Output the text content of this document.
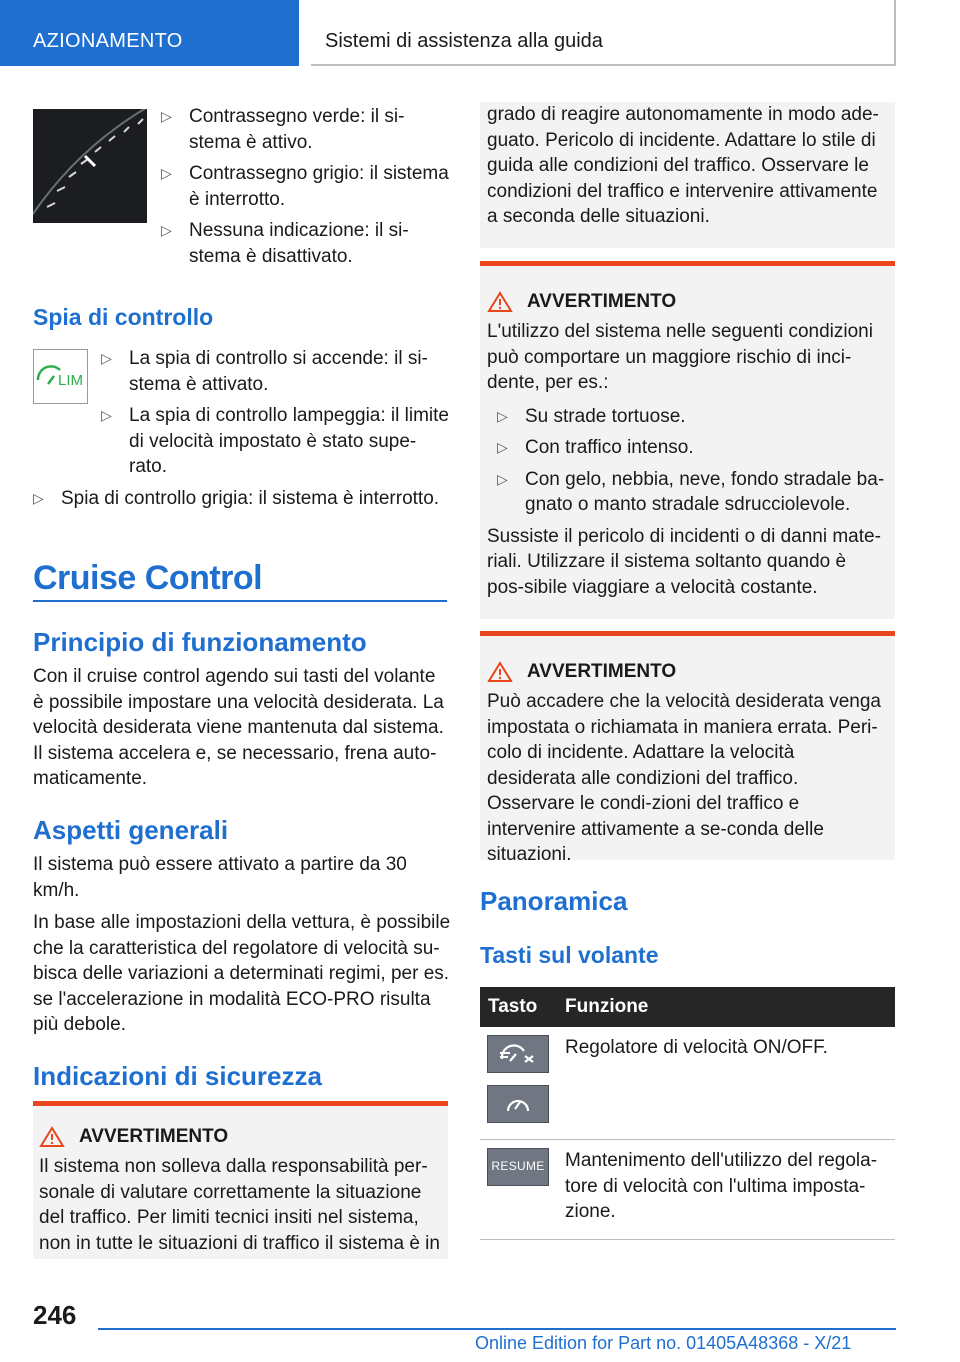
AZIONAMENTO	Sistemi di assistenza alla guida
▷ Contrassegno verde: il si-stema è attivo.
▷ Contrassegno grigio: il sistema è interrotto.
▷ Nessuna indicazione: il si-stema è disattivato.
Spia di controllo
LIM
▷ La spia di controllo si accende: il si-stema è attivato.
▷ La spia di controllo lampeggia: il limite di velocità impostato è stato supe-rato.
▷ Spia di controllo grigia: il sistema è interrotto.
Cruise Control
Principio di funzionamento
Con il cruise control agendo sui tasti del volante è possibile impostare una velocità desiderata. La velocità desiderata viene mantenuta dal sistema. Il sistema accelera e, se necessario, frena auto-maticamente.
Aspetti generali
Il sistema può essere attivato a partire da 30 km/h.
In base alle impostazioni della vettura, è possibile che la caratteristica del regolatore di velocità su-bisca delle variazioni a determinati regimi, per es. se l'accelerazione in modalità ECO-PRO risulta più debole.
Indicazioni di sicurezza
AVVERTIMENTO
Il sistema non solleva dalla responsabilità per-sonale di valutare correttamente la situazione del traffico. Per limiti tecnici insiti nel sistema, non in tutte le situazioni di traffico il sistema è in
grado di reagire autonomamente in modo ade-guato. Pericolo di incidente. Adattare lo stile di guida alle condizioni del traffico. Osservare le condizioni del traffico e intervenire attivamente a seconda delle situazioni.
AVVERTIMENTO
L'utilizzo del sistema nelle seguenti condizioni può comportare un maggiore rischio di inci-dente, per es.:
▷ Su strade tortuose.
▷ Con traffico intenso.
▷ Con gelo, nebbia, neve, fondo stradale ba-gnato o manto stradale sdrucciolevole.
Sussiste il pericolo di incidenti o di danni mate-riali. Utilizzare il sistema soltanto quando è pos-sibile viaggiare a velocità costante.
AVVERTIMENTO
Può accadere che la velocità desiderata venga impostata o richiamata in maniera errata. Peri-colo di incidente. Adattare la velocità desiderata alle condizioni del traffico. Osservare le condi-zioni del traffico e intervenire attivamente a se-conda delle situazioni.
Panoramica
Tasti sul volante
Tasto	Funzione

	Regolatore di velocità ON/OFF.

RESUME	Mantenimento dell'utilizzo del regola-tore di velocità con l'ultima imposta-zione.
246
Online Edition for Part no. 01405A48368 - X/21
